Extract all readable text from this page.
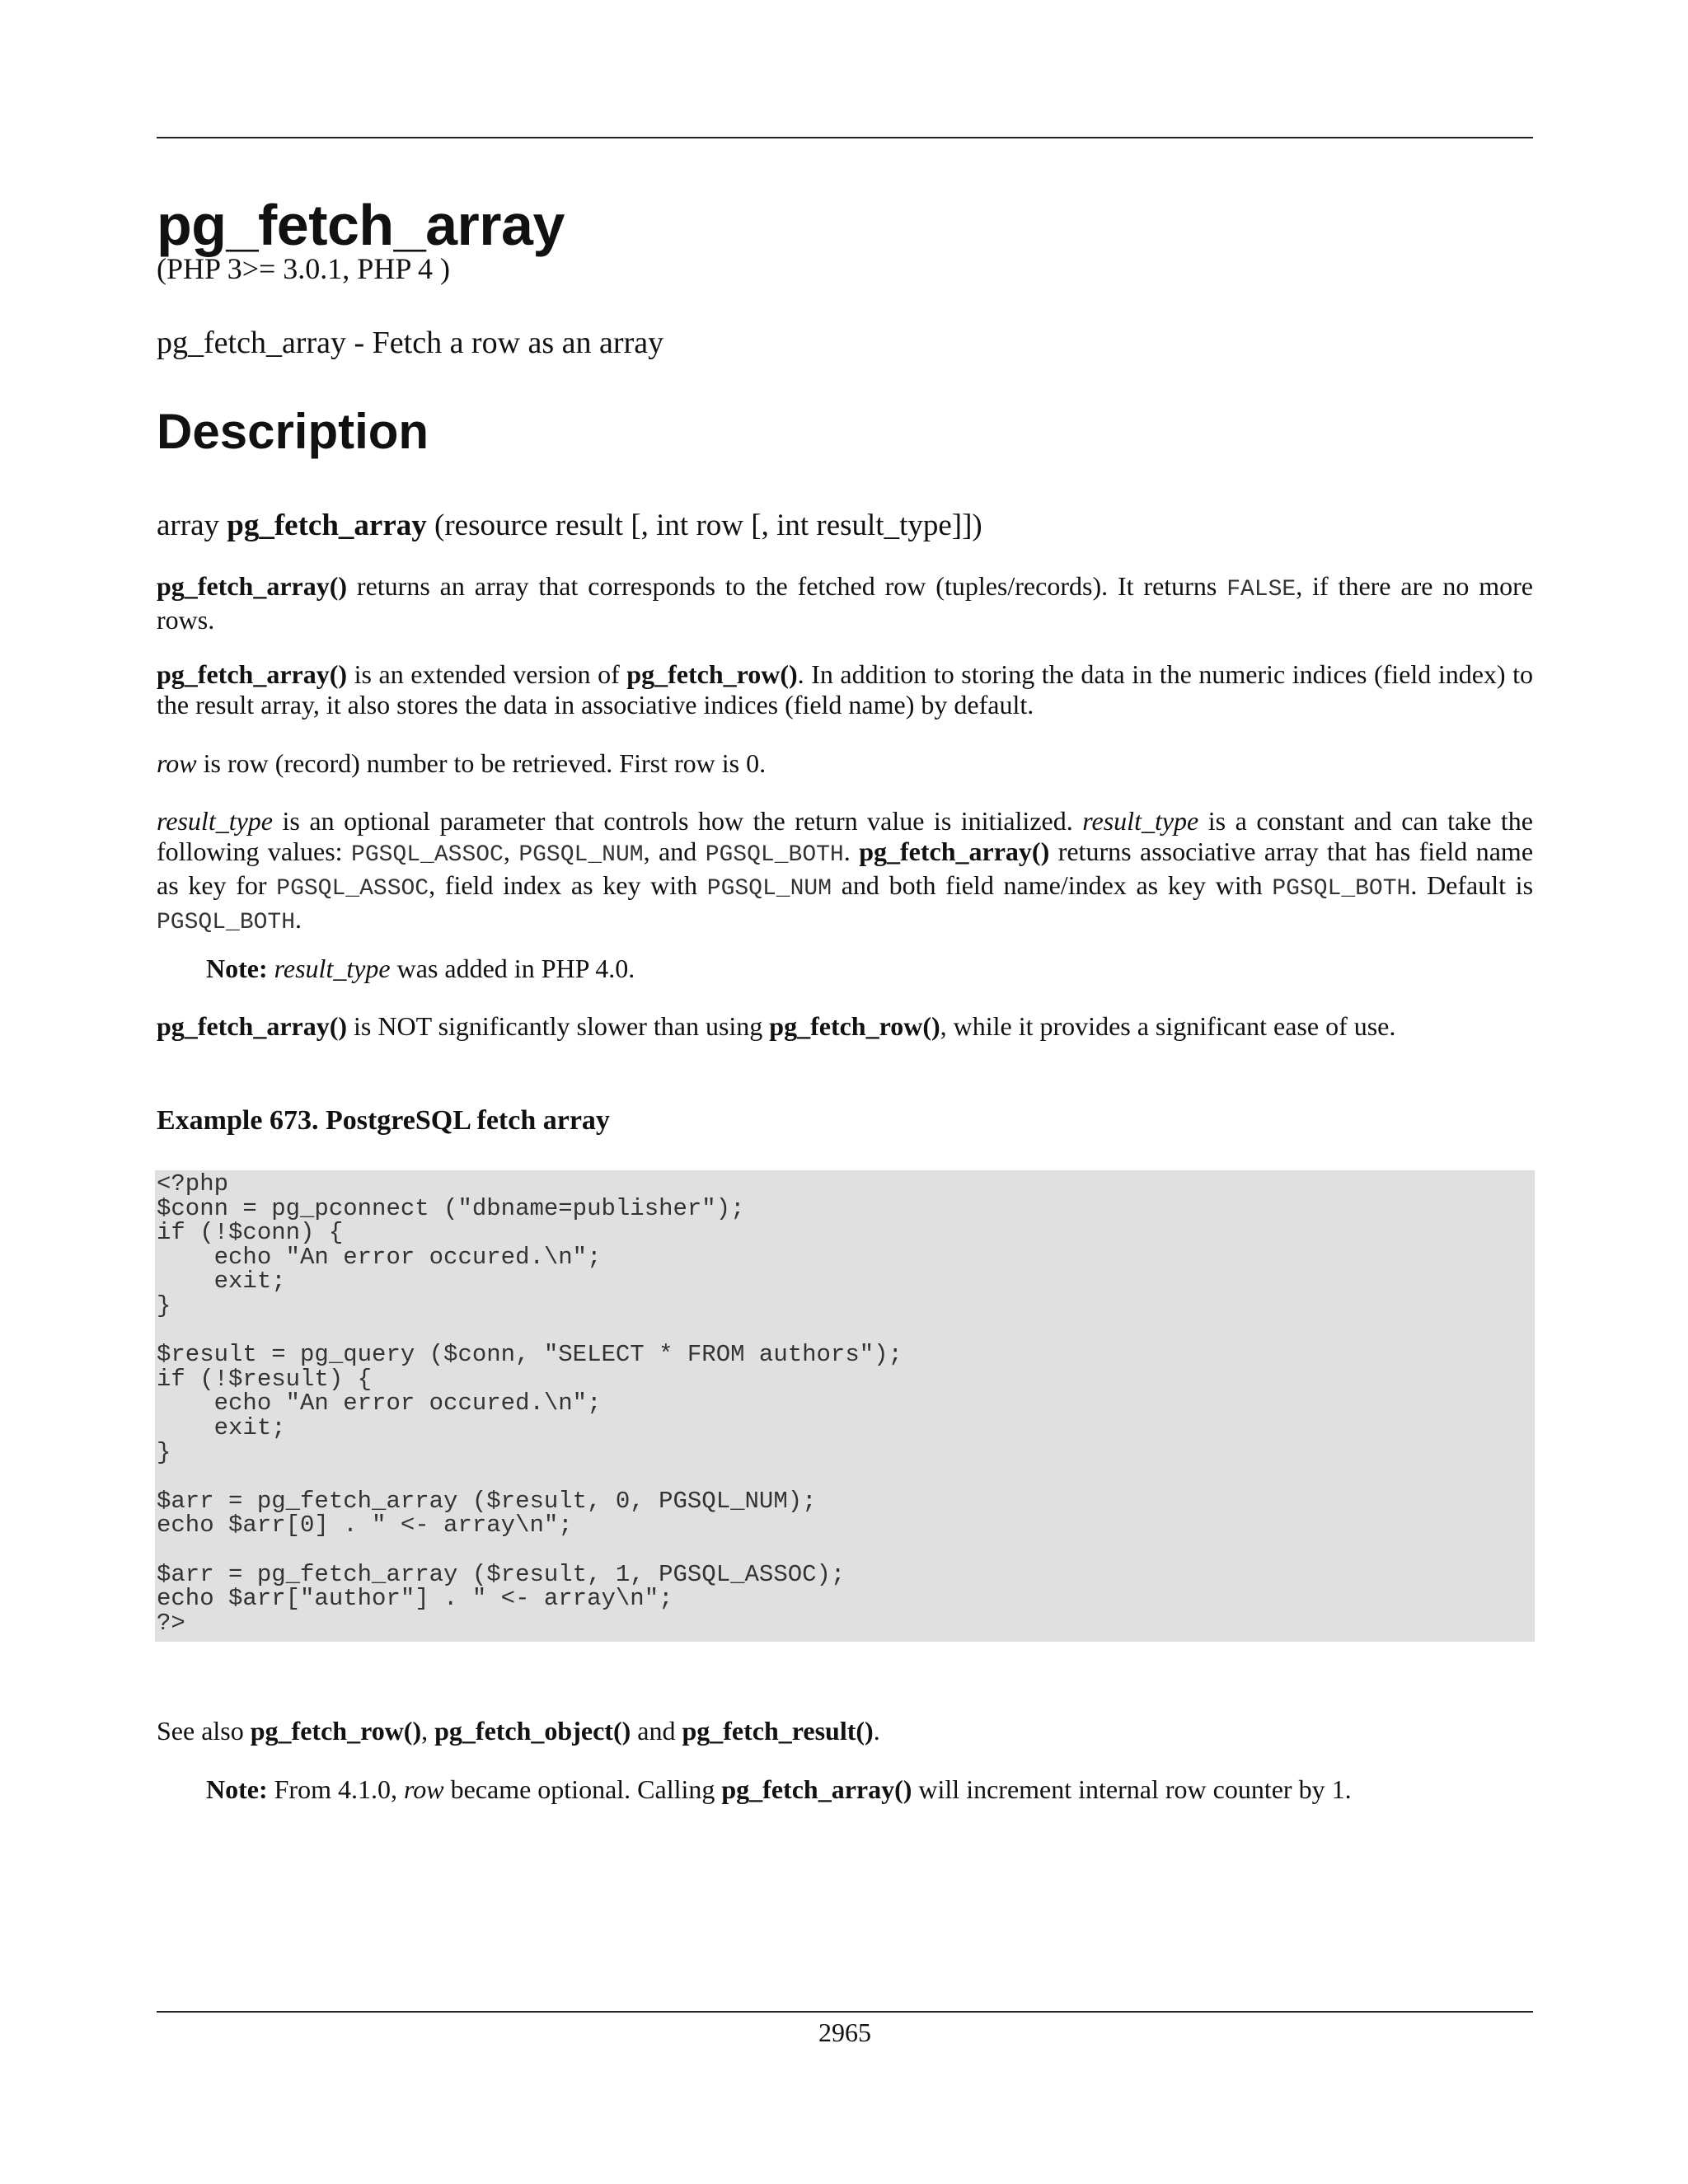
pg_fetch_array
(PHP 3>= 3.0.1, PHP 4 )
pg_fetch_array - Fetch a row as an array
Description
array pg_fetch_array (resource result [, int row [, int result_type]])

pg_fetch_array() returns an array that corresponds to the fetched row (tuples/records). It returns FALSE, if there are no more rows.

pg_fetch_array() is an extended version of pg_fetch_row(). In addition to storing the data in the numeric indices (field index) to the result array, it also stores the data in associative indices (field name) by default.

row is row (record) number to be retrieved. First row is 0.

result_type is an optional parameter that controls how the return value is initialized. result_type is a constant and can take the following values: PGSQL_ASSOC, PGSQL_NUM, and PGSQL_BOTH. pg_fetch_array() returns associative array that has field name as key for PGSQL_ASSOC, field index as key with PGSQL_NUM and both field name/index as key with PGSQL_BOTH. Default is PGSQL_BOTH.

Note: result_type was added in PHP 4.0.

pg_fetch_array() is NOT significantly slower than using pg_fetch_row(), while it provides a significant ease of use.

Example 673. PostgreSQL fetch array
<?php
$conn = pg_pconnect ("dbname=publisher");
if (!$conn) {
echo "An error occured.\n";
exit;
}

$result = pg_query ($conn, "SELECT * FROM authors");
if (!$result) {
echo "An error occured.\n";
exit;
}

$arr = pg_fetch_array ($result, 0, PGSQL_NUM);
echo $arr[0] . " <- array\n";

$arr = pg_fetch_array ($result, 1, PGSQL_ASSOC);
echo $arr["author"] . " <- array\n";
?>

See also pg_fetch_row(), pg_fetch_object() and pg_fetch_result().

Note: From 4.1.0, row became optional. Calling pg_fetch_array() will increment internal row counter by 1.

2965
